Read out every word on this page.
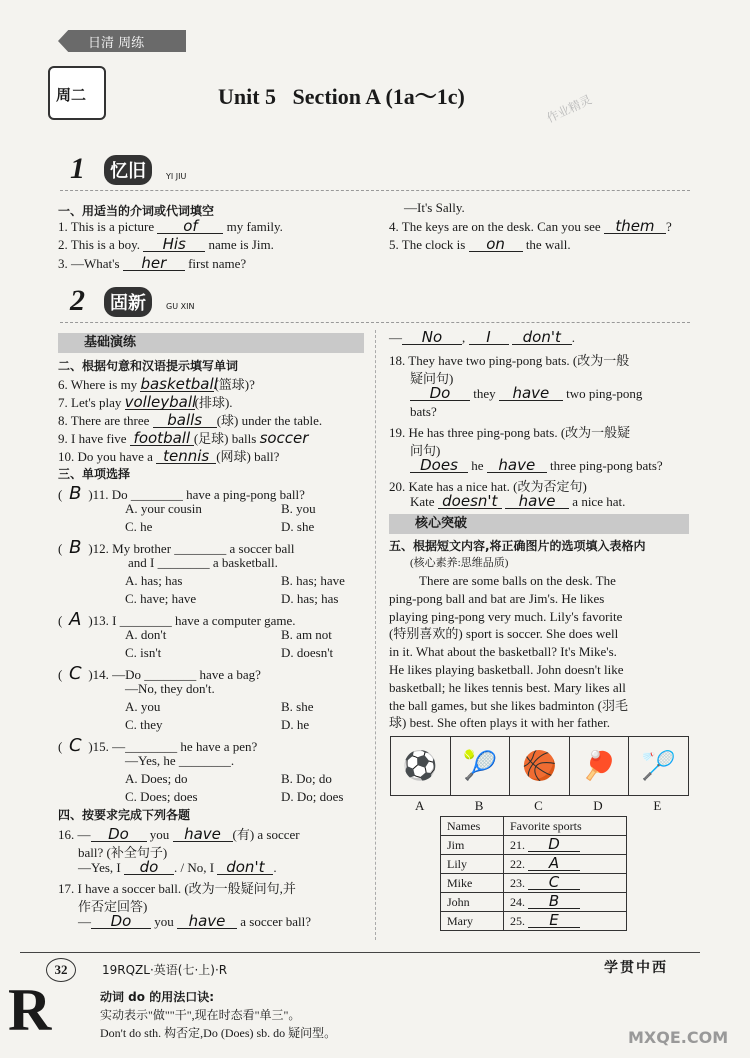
日清 周练
周二	Unit 5   Section A (1a～1c)	作业精灵
1	忆旧	YI JIU
一、用适当的介词或代词填空
1. This is a picture of my family.
2. This is a boy. His name is Jim.
3. —What's her first name?
—It's Sally.
4. The keys are on the desk. Can you see them ?
5. The clock is on the wall.
2	固新	GU XIN
基础演练
二、根据句意和汉语提示填写单词
6. Where is my basketball(篮球)?
7. Let's play volleyball(排球).
8. There are three balls (球) under the table.
9. I have five football (足球) balls soccer
10. Do you have a tennis (网球) ball?
三、单项选择
( B )11. Do ________ have a ping-pong ball?
A. your cousin	B. you
C. he	D. she
( B )12. My brother ________ a soccer ball
and I ________ a basketball.
A. has; has	B. has; have
C. have; have	D. has; has
( A )13. I ________ have a computer game.
A. don't	B. am not
C. isn't	D. doesn't
( C )14. —Do ________ have a bag?
—No, they don't.
A. you	B. she
C. they	D. he
( C )15. —________ he have a pen?
—Yes, he ________.
A. Does; do	B. Do; do
C. Does; does	D. Do; does
四、按要求完成下列各题
16. — Do you have (有) a soccer
ball? (补全句子)
—Yes, I do . / No, I don't .
17. I have a soccer ball. (改为一般疑问句,并
作否定回答)
— Do you have a soccer ball?
— No , I don't .
18. They have two ping-pong bats. (改为一般
疑问句)
Do they have two ping-pong
bats?
19. He has three ping-pong bats. (改为一般疑
问句)
Does he have three ping-pong bats?
20. Kate has a nice hat. (改为否定句)
Kate doesn't have a nice hat.
核心突破
五、根据短文内容,将正确图片的选项填入表格内
(核心素养:思维品质)
There are some balls on the desk. The
ping-pong ball and bat are Jim's. He likes
playing ping-pong very much. Lily's favorite
(特别喜欢的) sport is soccer. She does well
in it. What about the basketball? It's Mike's.
He likes playing basketball. John doesn't like
basketball; he likes tennis best. Mary likes all
the ball games, but she likes badminton (羽毛
球) best. She often plays it with her father.
⚽ 🎾 🏀 🏓 🏸
A	B	C	D	E
Names	Favorite sports
Jim	21. D
Lily	22. A
Mike	23. C
John	24. B
Mary	25. E
32	19RQZL·英语(七·上)·R	学贯中西
R	动词 do 的用法口诀:
实动表示"做""干",现在时态看"单三"。
Don't do sth. 构否定,Do (Does) sb. do 疑问型。	MXQE.COM
